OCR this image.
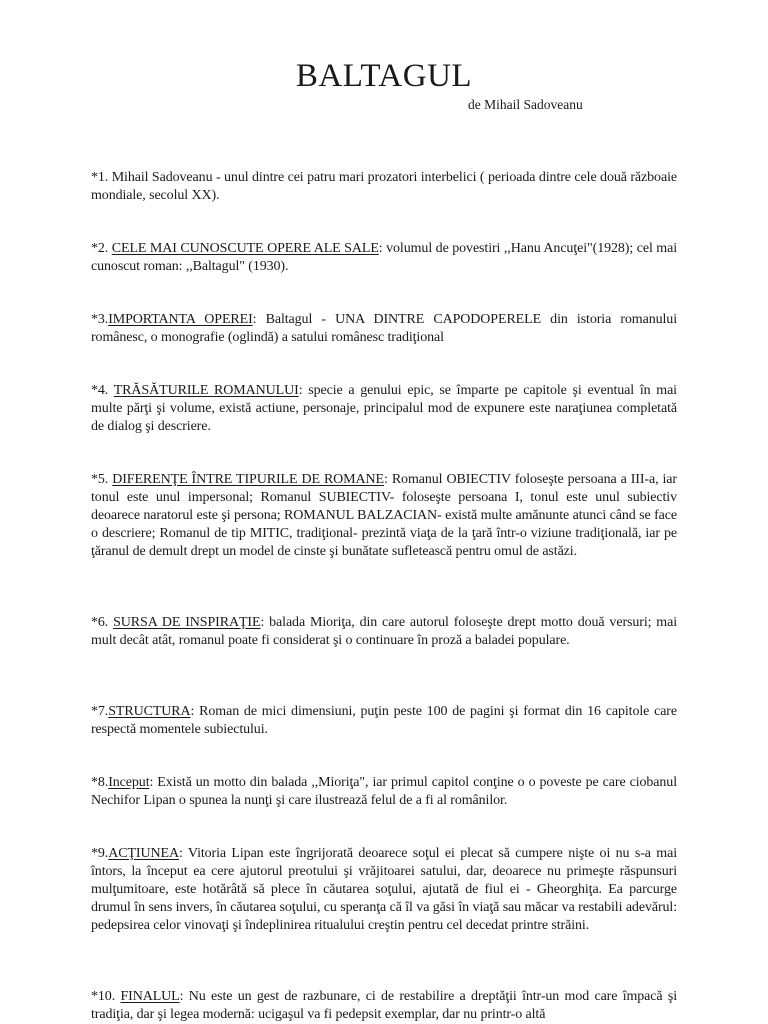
BALTAGUL

de Mihail Sadoveanu

*1. Mihail Sadoveanu - unul dintre cei patru mari prozatori interbelici ( perioada dintre cele două războaie mondiale, secolul XX).

*2. CELE MAI CUNOSCUTE OPERE ALE SALE: volumul de povestiri ,,Hanu Ancuţei"(1928); cel mai cunoscut roman: ,,Baltagul" (1930).

*3.IMPORTANTA OPEREI: Baltagul - UNA DINTRE CAPODOPERELE din istoria romanului românesc, o monografie (oglindă) a satului românesc tradiţional

*4. TRĂSĂTURILE ROMANULUI: specie a genului epic, se împarte pe capitole şi eventual în mai multe părţi şi volume, există actiune, personaje, principalul mod de expunere este naraţiunea completată de dialog şi descriere.

*5. DIFERENŢE ÎNTRE TIPURILE DE ROMANE: Romanul OBIECTIV foloseşte persoana a III-a, iar tonul este unul impersonal; Romanul SUBIECTIV- foloseşte persoana I, tonul este unul subiectiv deoarece naratorul este şi persona; ROMANUL BALZACIAN- există multe amănunte atunci când se face o descriere; Romanul de tip MITIC, tradiţional- prezintă viaţa de la ţară într-o viziune tradiţională, iar pe ţăranul de demult drept un model de cinste şi bunătate sufletească pentru omul de astăzi.

*6. SURSA DE INSPIRAŢIE: balada Mioriţa, din care autorul foloseşte drept motto două versuri; mai mult decât atât, romanul poate fi considerat şi o continuare în proză a baladei populare.

*7.STRUCTURA: Roman de mici dimensiuni, puţin peste 100 de pagini şi format din 16 capitole care respectă momentele subiectului.

*8.Inceput: Există un motto din balada ,,Mioriţa", iar primul capitol conţine o o poveste pe care ciobanul Nechifor Lipan o spunea la nunţi şi care ilustrează felul de a fi al românilor.

*9.ACŢIUNEA: Vitoria Lipan este îngrijorată deoarece soţul ei plecat să cumpere nişte oi nu s-a mai întors, la început ea cere ajutorul preotului şi vrăjitoarei satului, dar, deoarece nu primeşte răspunsuri mulţumitoare, este hotărâtă să plece în căutarea soţului, ajutată de fiul ei - Gheorghiţa. Ea parcurge drumul în sens invers, în căutarea soţului, cu speranţa că îl va găsi în viaţă sau măcar va restabili adevărul: pedepsirea celor vinovaţi şi îndeplinirea ritualului creştin pentru cel decedat printre străini.

*10. FINALUL: Nu este un gest de razbunare, ci de restabilire a dreptăţii într-un mod care împacă şi tradiţia, dar şi legea modernă: ucigaşul va fi pedepsit exemplar, dar nu printr-o altă
